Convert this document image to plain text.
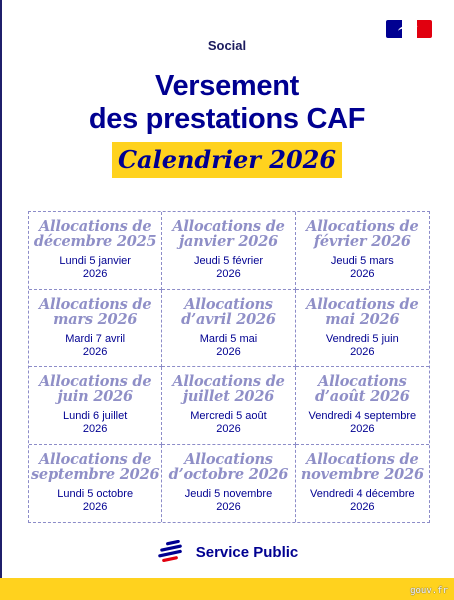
Social
Versement
des prestations CAF
Calendrier 2026
Allocations de
décembre 2025
Lundi 5 janvier
2026
Allocations de
janvier 2026
Jeudi 5 février
2026
Allocations de
février 2026
Jeudi 5 mars
2026
Allocations de
mars 2026
Mardi 7 avril
2026
Allocations
d’avril 2026
Mardi 5 mai
2026
Allocations de
mai 2026
Vendredi 5 juin
2026
Allocations de
juin 2026
Lundi 6 juillet
2026
Allocations de
juillet 2026
Mercredi 5 août
2026
Allocations
d’août 2026
Vendredi 4 septembre
2026
Allocations de
septembre 2026
Lundi 5 octobre
2026
Allocations
d’octobre 2026
Jeudi 5 novembre
2026
Allocations de
novembre 2026
Vendredi 4 décembre
2026
Service Public
gouv.fr
